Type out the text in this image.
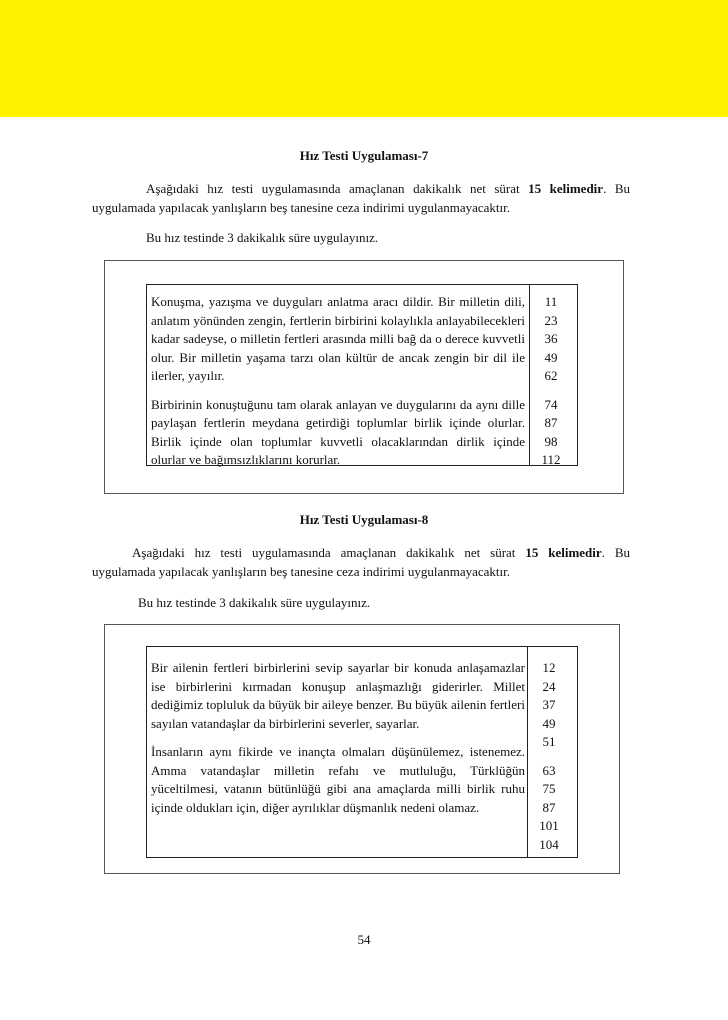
Hız Testi Uygulaması-7

Aşağıdaki hız testi uygulamasında amaçlanan dakikalık net sürat 15 kelimedir. Bu uygulamada yapılacak yanlışların beş tanesine ceza indirimi uygulanmayacaktır.

Bu hız testinde 3 dakikalık süre uygulayınız.

Konuşma, yazışma ve duyguları anlatma aracı dildir. Bir milletin dili, anlatım yönünden zengin, fertlerin birbirini kolaylıkla anlayabilecekleri kadar sadeyse, o milletin fertleri arasında milli bağ da o derece kuvvetli olur. Bir milletin yaşama tarzı olan kültür de ancak zengin bir dil ile ilerler, yayılır.

Birbirinin konuştuğunu tam olarak anlayan ve duygularını da aynı dille paylaşan fertlerin meydana getirdiği toplumlar birlik içinde olurlar. Birlik içinde olan toplumlar kuvvetli olacaklarından dirlik içinde olurlar ve bağımsızlıklarını korurlar.

11
23
36
49
62
74
87
98
112
Hız Testi Uygulaması-8

Aşağıdaki hız testi uygulamasında amaçlanan dakikalık net sürat 15 kelimedir. Bu uygulamada yapılacak yanlışların beş tanesine ceza indirimi uygulanmayacaktır.

Bu hız testinde 3 dakikalık süre uygulayınız.

Bir ailenin fertleri birbirlerini sevip sayarlar bir konuda anlaşamazlar ise birbirlerini kırmadan konuşup anlaşmazlığı giderirler. Millet dediğimiz topluluk da büyük bir aileye benzer. Bu büyük ailenin fertleri sayılan vatandaşlar da birbirlerini severler, sayarlar.

İnsanların aynı fikirde ve inançta olmaları düşünülemez, istenemez. Amma vatandaşlar milletin refahı ve mutluluğu, Türklüğün yüceltilmesi, vatanın bütünlüğü gibi ana amaçlarda milli birlik ruhu içinde oldukları için, diğer ayrılıklar düşmanlık nedeni olamaz.

12
24
37
49
51
63
75
87
101
104
54
